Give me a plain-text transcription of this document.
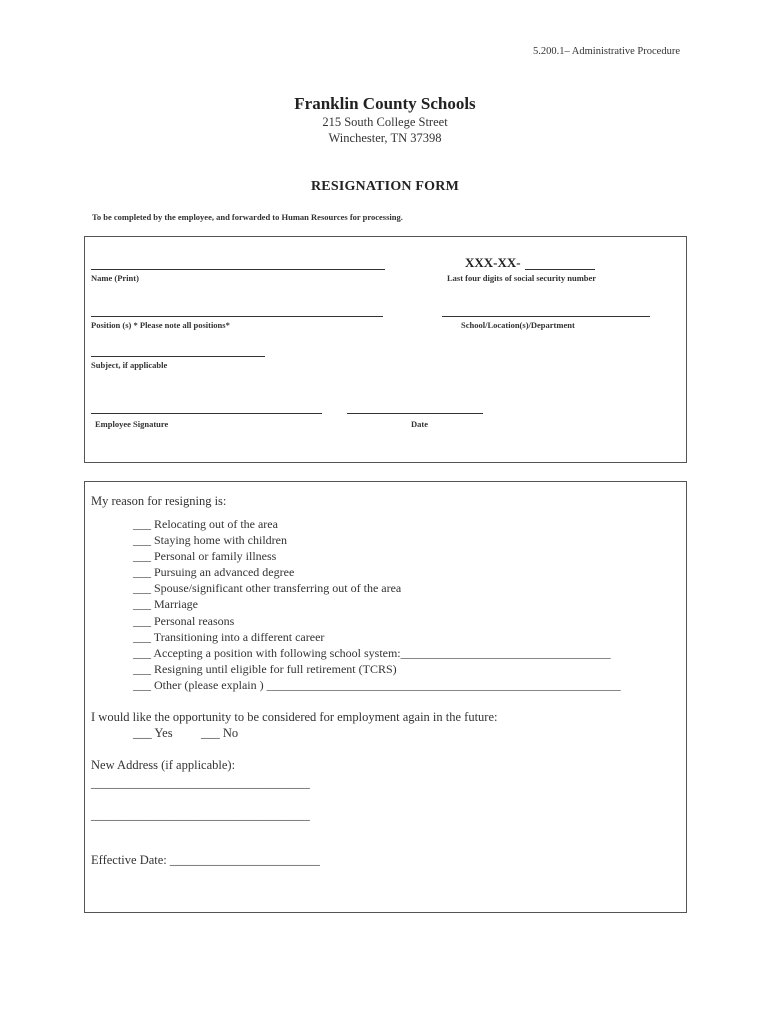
5.200.1– Administrative Procedure
Franklin County Schools
215 South College Street
Winchester, TN 37398
RESIGNATION FORM
To be completed by the employee, and forwarded to Human Resources for processing.
Name (Print)
XXX-XX-
Last four digits of social security number
Position (s) * Please note all positions*	School/Location(s)/Department
Subject, if applicable
Employee Signature	Date
My reason for resigning is:
___ Relocating out of the area
___ Staying home with children
___ Personal or family illness
___ Pursuing an advanced degree
___ Spouse/significant other transferring out of the area
___ Marriage
___ Personal reasons
___ Transitioning into a different career
___ Accepting a position with following school system:___________________________________
___ Resigning until eligible for full retirement (TCRS)
___ Other (please explain ) ___________________________________________________________
I would like the opportunity to be considered for employment again in the future:
___ Yes ___ No
New Address (if applicable):
___________________________________
___________________________________
Effective Date: ________________________
